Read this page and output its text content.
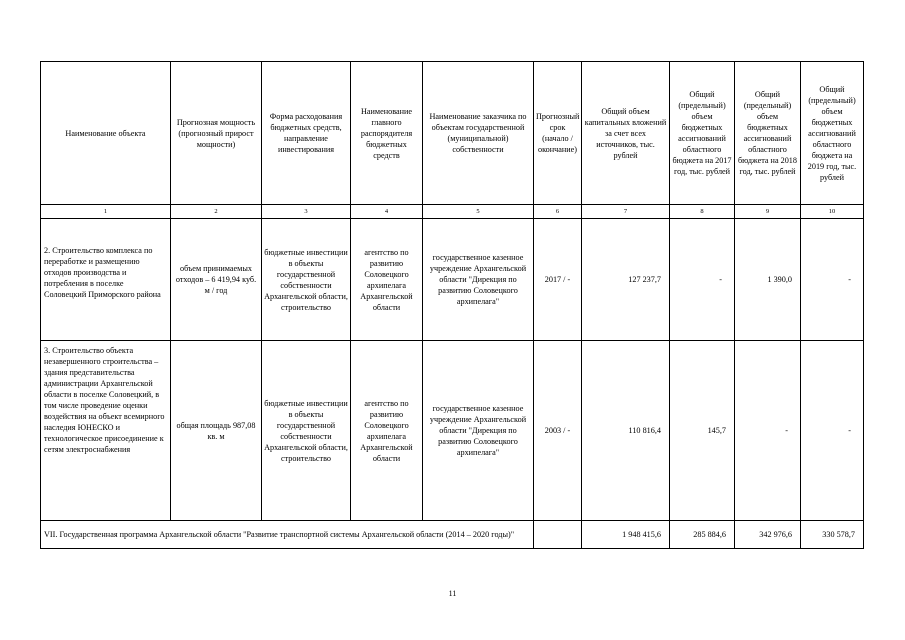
Наименование объекта	Прогнозная мощность (прогнозный прирост мощности)	Форма расходования бюджетных средств, направление инвестирования	Наименование главного распорядителя бюджетных средств	Наименование заказчика по объектам государственной (муниципальной) собственности	Прогнозный срок (начало / окончание)	Общий объем капитальных вложений за счет всех источников, тыс. рублей	Общий (предельный) объем бюджетных ассигнований областного бюджета на 2017 год, тыс. рублей	Общий (предельный) объем бюджетных ассигнований областного бюджета на 2018 год, тыс. рублей	Общий (предельный) объем бюджетных ассигнований областного бюджета на 2019 год, тыс. рублей
1	2	3	4	5	6	7	8	9	10
2. Строительство комплекса по переработке и размещению отходов производства и потребления в поселке Соловецкий Приморского района	объем принимаемых отходов – 6 419,94 куб. м / год	бюджетные инвестиции в объекты государственной собственности Архангельской области, строительство	агентство по развитию Соловецкого архипелага Архангельской области	государственное казенное учреждение Архангельской области "Дирекция по развитию Соловецкого архипелага"	2017 / -	127 237,7	-	1 390,0	-
3. Строительство объекта незавершенного строительства – здания представительства администрации Архангельской области в поселке Соловецкий, в том числе проведение оценки воздействия на объект всемирного наследия ЮНЕСКО и технологическое присоединение к сетям электроснабжения	общая площадь 987,08 кв. м	бюджетные инвестиции в объекты государственной собственности Архангельской области, строительство	агентство по развитию Соловецкого архипелага Архангельской области	государственное казенное учреждение Архангельской области "Дирекция по развитию Соловецкого архипелага"	2003 / -	110 816,4	145,7	-	-
VII. Государственная программа Архангельской области "Развитие транспортной системы Архангельской области (2014 – 2020 годы)"						1 948 415,6	285 884,6	342 976,6	330 578,7
11
